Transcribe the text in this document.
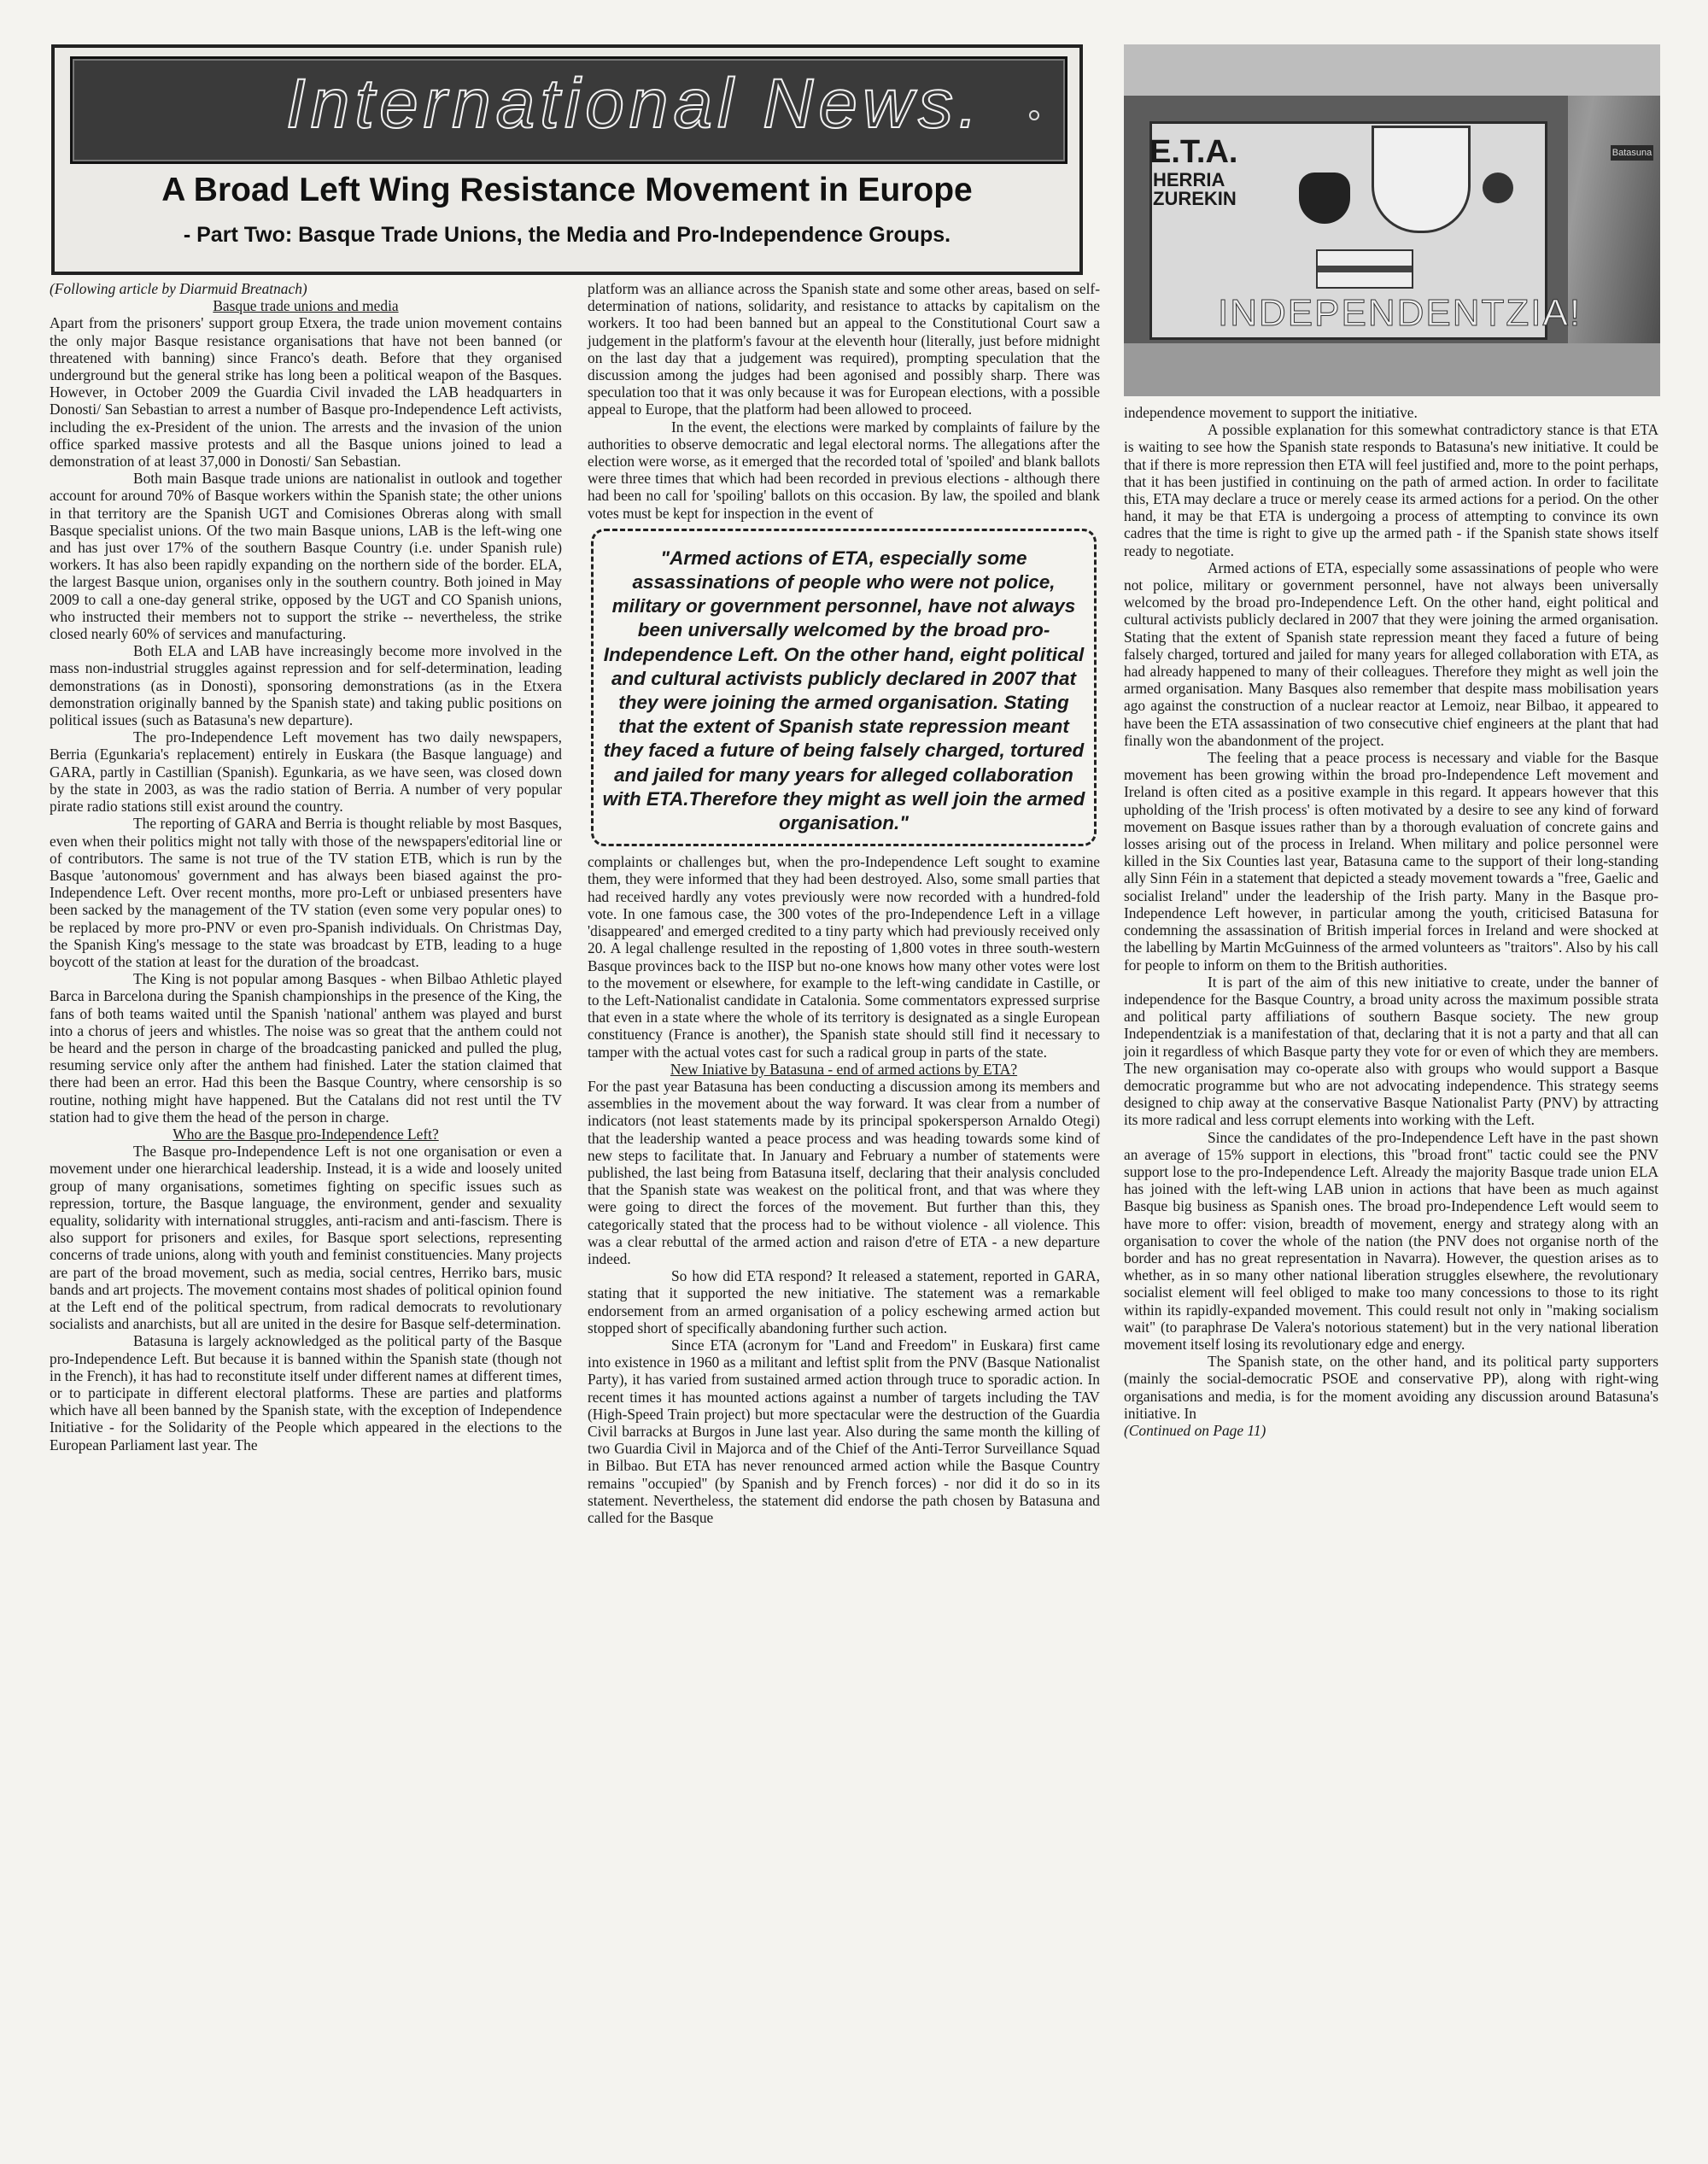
International News.
A Broad Left Wing Resistance Movement in Europe
- Part Two: Basque Trade Unions, the Media and Pro-Independence Groups.
E.T.A.
HERRIA ZUREKIN
INDEPENDENTZIA!
Batasuna

(Following article by Diarmuid Breatnach)

Basque trade unions and media

Apart from the prisoners' support group Etxera, the trade union movement contains the only major Basque resistance organisations that have not been banned (or threatened with banning) since Franco's death. Before that they organised underground but the general strike has long been a political weapon of the Basques. However, in October 2009 the Guardia Civil invaded the LAB headquarters in Donosti/ San Sebastian to arrest a number of Basque pro-Independence Left activists, including the ex-President of the union. The arrests and the invasion of the union office sparked massive protests and all the Basque unions joined to lead a demonstration of at least 37,000 in Donosti/ San Sebastian.

Both main Basque trade unions are nationalist in outlook and together account for around 70% of Basque workers within the Spanish state; the other unions in that territory are the Spanish UGT and Comisiones Obreras along with small Basque specialist unions. Of the two main Basque unions, LAB is the left-wing one and has just over 17% of the southern Basque Country (i.e. under Spanish rule) workers. It has also been rapidly expanding on the northern side of the border. ELA, the largest Basque union, organises only in the southern country. Both joined in May 2009 to call a one-day general strike, opposed by the UGT and CO Spanish unions, who instructed their members not to support the strike -- nevertheless, the strike closed nearly 60% of services and manufacturing.

Both ELA and LAB have increasingly become more involved in the mass non-industrial struggles against repression and for self-determination, leading demonstrations (as in Donosti), sponsoring demonstrations (as in the Etxera demonstration originally banned by the Spanish state) and taking public positions on political issues (such as Batasuna's new departure).

The pro-Independence Left movement has two daily newspapers, Berria (Egunkaria's replacement) entirely in Euskara (the Basque language) and GARA, partly in Castillian (Spanish). Egunkaria, as we have seen, was closed down by the state in 2003, as was the radio station of Berria. A number of very popular pirate radio stations still exist around the country.

The reporting of GARA and Berria is thought reliable by most Basques, even when their politics might not tally with those of the newspapers'editorial line or of contributors. The same is not true of the TV station ETB, which is run by the Basque 'autonomous' government and has always been biased against the pro-Independence Left. Over recent months, more pro-Left or unbiased presenters have been sacked by the management of the TV station (even some very popular ones) to be replaced by more pro-PNV or even pro-Spanish individuals. On Christmas Day, the Spanish King's message to the state was broadcast by ETB, leading to a huge boycott of the station at least for the duration of the broadcast.

The King is not popular among Basques - when Bilbao Athletic played Barca in Barcelona during the Spanish championships in the presence of the King, the fans of both teams waited until the Spanish 'national' anthem was played and burst into a chorus of jeers and whistles. The noise was so great that the anthem could not be heard and the person in charge of the broadcasting panicked and pulled the plug, resuming service only after the anthem had finished. Later the station claimed that there had been an error. Had this been the Basque Country, where censorship is so routine, nothing might have happened. But the Catalans did not rest until the TV station had to give them the head of the person in charge.

Who are the Basque pro-Independence Left?

The Basque pro-Independence Left is not one organisation or even a movement under one hierarchical leadership. Instead, it is a wide and loosely united group of many organisations, sometimes fighting on specific issues such as repression, torture, the Basque language, the environment, gender and sexuality equality, solidarity with international struggles, anti-racism and anti-fascism. There is also support for prisoners and exiles, for Basque sport selections, representing concerns of trade unions, along with youth and feminist constituencies. Many projects are part of the broad movement, such as media, social centres, Herriko bars, music bands and art projects. The movement contains most shades of political opinion found at the Left end of the political spectrum, from radical democrats to revolutionary socialists and anarchists, but all are united in the desire for Basque self-determination.

Batasuna is largely acknowledged as the political party of the Basque pro-Independence Left. But because it is banned within the Spanish state (though not in the French), it has had to reconstitute itself under different names at different times, or to participate in different electoral platforms. These are parties and platforms which have all been banned by the Spanish state, with the exception of Independence Initiative - for the Solidarity of the People which appeared in the elections to the European Parliament last year. The

platform was an alliance across the Spanish state and some other areas, based on self-determination of nations, solidarity, and resistance to attacks by capitalism on the workers. It too had been banned but an appeal to the Constitutional Court saw a judgement in the platform's favour at the eleventh hour (literally, just before midnight on the last day that a judgement was required), prompting speculation that the discussion among the judges had been agonised and possibly sharp. There was speculation too that it was only because it was for European elections, with a possible appeal to Europe, that the platform had been allowed to proceed.

In the event, the elections were marked by complaints of failure by the authorities to observe democratic and legal electoral norms. The allegations after the election were worse, as it emerged that the recorded total of 'spoiled' and blank ballots were three times that which had been recorded in previous elections - although there had been no call for 'spoiling' ballots on this occasion. By law, the spoiled and blank votes must be kept for inspection in the event of

"Armed actions of ETA, especially some assassinations of people who were not police, military or government personnel, have not always been universally welcomed by the broad pro-Independence Left. On the other hand, eight political and cultural activists publicly declared in 2007 that they were joining the armed organisation. Stating that the extent of Spanish state repression meant they faced a future of being falsely charged, tortured and jailed for many years for alleged collaboration with ETA.Therefore they might as well join the armed organisation."

complaints or challenges but, when the pro-Independence Left sought to examine them, they were informed that they had been destroyed. Also, some small parties that had received hardly any votes previously were now recorded with a hundred-fold vote. In one famous case, the 300 votes of the pro-Independence Left in a village 'disappeared' and emerged credited to a tiny party which had previously received only 20. A legal challenge resulted in the reposting of 1,800 votes in three south-western Basque provinces back to the IISP but no-one knows how many other votes were lost to the movement or elsewhere, for example to the left-wing candidate in Castille, or to the Left-Nationalist candidate in Catalonia. Some commentators expressed surprise that even in a state where the whole of its territory is designated as a single European constituency (France is another), the Spanish state should still find it necessary to tamper with the actual votes cast for such a radical group in parts of the state.

New Iniative by Batasuna - end of armed actions by ETA?

For the past year Batasuna has been conducting a discussion among its members and assemblies in the movement about the way forward. It was clear from a number of indicators (not least statements made by its principal spokersperson Arnaldo Otegi) that the leadership wanted a peace process and was heading towards some kind of new steps to facilitate that. In January and February a number of statements were published, the last being from Batasuna itself, declaring that their analysis concluded that the Spanish state was weakest on the political front, and that was where they were going to direct the forces of the movement. But further than this, they categorically stated that the process had to be without violence - all violence. This was a clear rebuttal of the armed action and raison d'etre of ETA - a new departure indeed.

So how did ETA respond? It released a statement, reported in GARA, stating that it supported the new initiative. The statement was a remarkable endorsement from an armed organisation of a policy eschewing armed action but stopped short of specifically abandoning further such action.

Since ETA (acronym for "Land and Freedom" in Euskara) first came into existence in 1960 as a militant and leftist split from the PNV (Basque Nationalist Party), it has varied from sustained armed action through truce to sporadic action. In recent times it has mounted actions against a number of targets including the TAV (High-Speed Train project) but more spectacular were the destruction of the Guardia Civil barracks at Burgos in June last year. Also during the same month the killing of two Guardia Civil in Majorca and of the Chief of the Anti-Terror Surveillance Squad in Bilbao. But ETA has never renounced armed action while the Basque Country remains "occupied" (by Spanish and by French forces) - nor did it do so in its statement. Nevertheless, the statement did endorse the path chosen by Batasuna and called for the Basque

independence movement to support the initiative.

A possible explanation for this somewhat contradictory stance is that ETA is waiting to see how the Spanish state responds to Batasuna's new initiative. It could be that if there is more repression then ETA will feel justified and, more to the point perhaps, that it has been justified in continuing on the path of armed action. In order to facilitate this, ETA may declare a truce or merely cease its armed actions for a period. On the other hand, it may be that ETA is undergoing a process of attempting to convince its own cadres that the time is right to give up the armed path - if the Spanish state shows itself ready to negotiate.

Armed actions of ETA, especially some assassinations of people who were not police, military or government personnel, have not always been universally welcomed by the broad pro-Independence Left. On the other hand, eight political and cultural activists publicly declared in 2007 that they were joining the armed organisation. Stating that the extent of Spanish state repression meant they faced a future of being falsely charged, tortured and jailed for many years for alleged collaboration with ETA, as had already happened to many of their colleagues. Therefore they might as well join the armed organisation. Many Basques also remember that despite mass mobilisation years ago against the construction of a nuclear reactor at Lemoiz, near Bilbao, it appeared to have been the ETA assassination of two consecutive chief engineers at the plant that had finally won the abandonment of the project.

The feeling that a peace process is necessary and viable for the Basque movement has been growing within the broad pro-Independence Left movement and Ireland is often cited as a positive example in this regard. It appears however that this upholding of the 'Irish process' is often motivated by a desire to see any kind of forward movement on Basque issues rather than by a thorough evaluation of concrete gains and losses arising out of the process in Ireland. When military and police personnel were killed in the Six Counties last year, Batasuna came to the support of their long-standing ally Sinn Féin in a statement that depicted a steady movement towards a "free, Gaelic and socialist Ireland" under the leadership of the Irish party. Many in the Basque pro-Independence Left however, in particular among the youth, criticised Batasuna for condemning the assassination of British imperial forces in Ireland and were shocked at the labelling by Martin McGuinness of the armed volunteers as "traitors". Also by his call for people to inform on them to the British authorities.

It is part of the aim of this new initiative to create, under the banner of independence for the Basque Country, a broad unity across the maximum possible strata and political party affiliations of southern Basque society. The new group Independentziak is a manifestation of that, declaring that it is not a party and that all can join it regardless of which Basque party they vote for or even of which they are members. The new organisation may co-operate also with groups who would support a Basque democratic programme but who are not advocating independence. This strategy seems designed to chip away at the conservative Basque Nationalist Party (PNV) by attracting its more radical and less corrupt elements into working with the Left.

Since the candidates of the pro-Independence Left have in the past shown an average of 15% support in elections, this "broad front" tactic could see the PNV support lose to the pro-Independence Left. Already the majority Basque trade union ELA has joined with the left-wing LAB union in actions that have been as much against Basque big business as Spanish ones. The broad pro-Independence Left would seem to have more to offer: vision, breadth of movement, energy and strategy along with an organisation to cover the whole of the nation (the PNV does not organise north of the border and has no great representation in Navarra). However, the question arises as to whether, as in so many other national liberation struggles elsewhere, the revolutionary socialist element will feel obliged to make too many concessions to those to its right within its rapidly-expanded movement. This could result not only in "making socialism wait" (to paraphrase De Valera's notorious statement) but in the very national liberation movement itself losing its revolutionary edge and energy.

The Spanish state, on the other hand, and its political party supporters (mainly the social-democratic PSOE and conservative PP), along with right-wing organisations and media, is for the moment avoiding any discussion around Batasuna's initiative. In

(Continued on Page 11)
